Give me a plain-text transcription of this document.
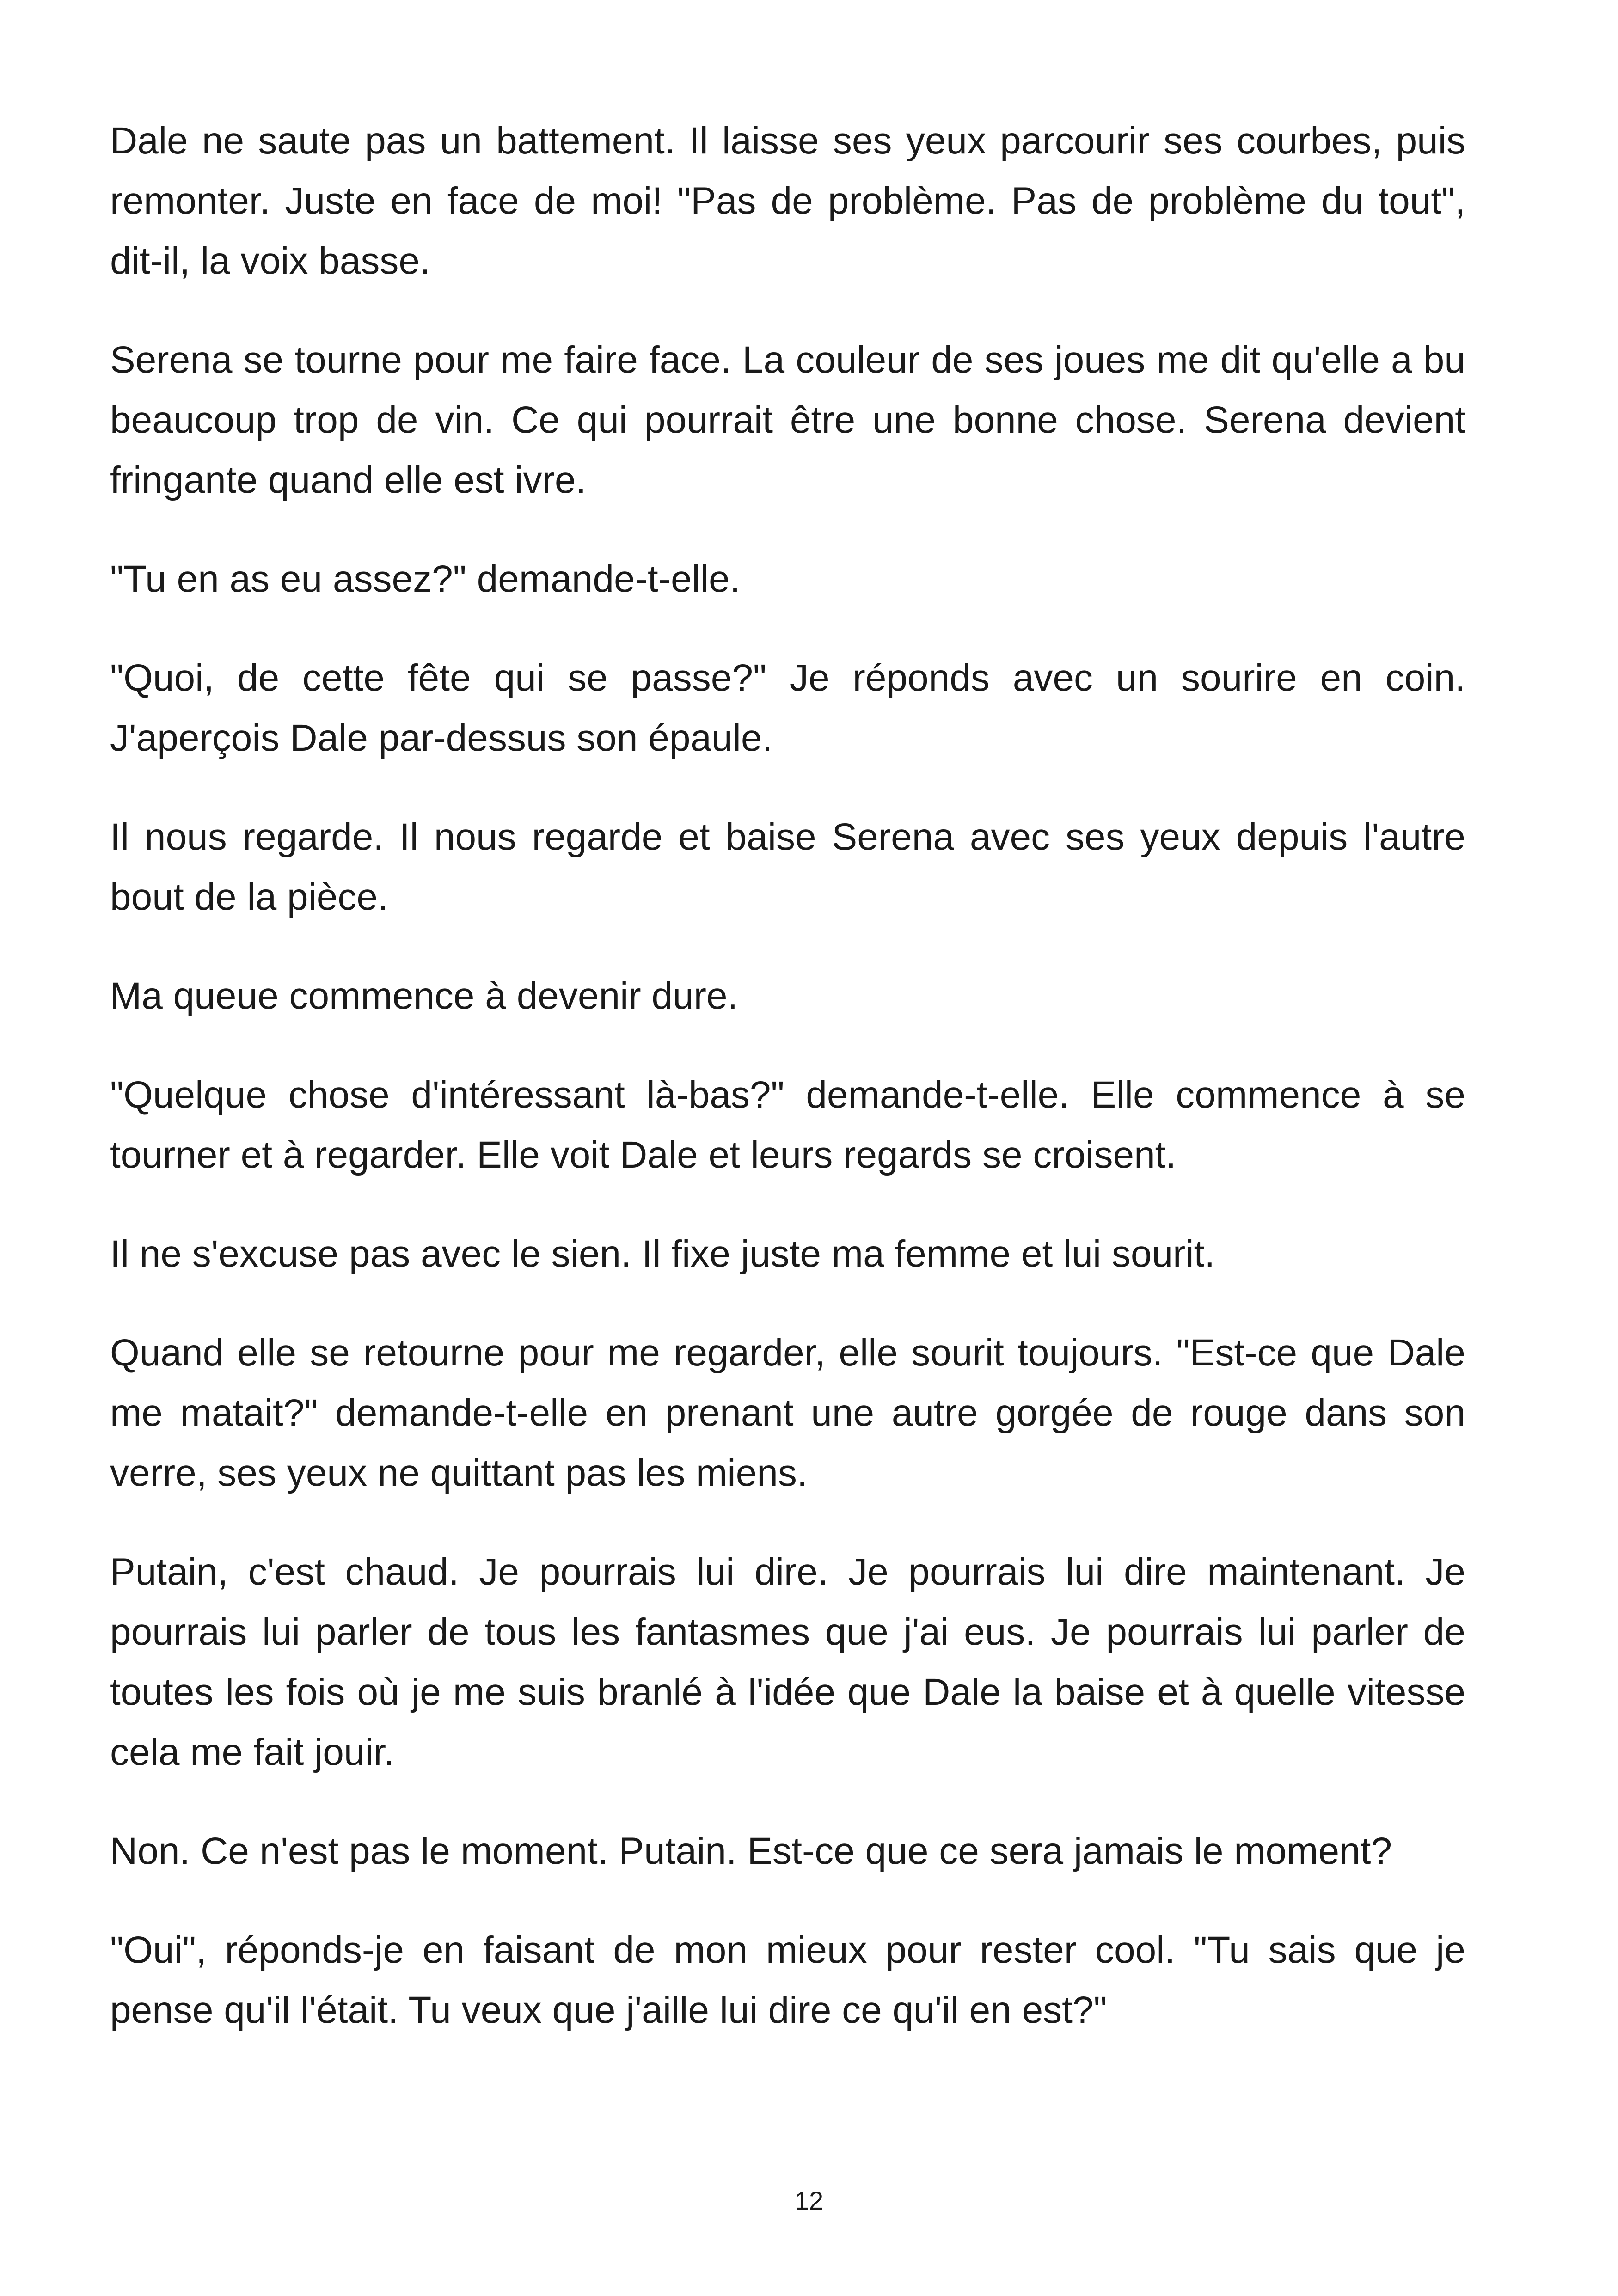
Dale ne saute pas un battement. Il laisse ses yeux parcourir ses courbes, puis remonter. Juste en face de moi! "Pas de problème. Pas de problème du tout", dit-il, la voix basse.

Serena se tourne pour me faire face. La couleur de ses joues me dit qu'elle a bu beaucoup trop de vin. Ce qui pourrait être une bonne chose. Serena devient fringante quand elle est ivre.

"Tu en as eu assez?" demande-t-elle.

"Quoi, de cette fête qui se passe?" Je réponds avec un sourire en coin. J'aperçois Dale par-dessus son épaule.

Il nous regarde. Il nous regarde et baise Serena avec ses yeux depuis l'autre bout de la pièce.

Ma queue commence à devenir dure.

"Quelque chose d'intéressant là-bas?" demande-t-elle. Elle commence à se tourner et à regarder. Elle voit Dale et leurs regards se croisent.

Il ne s'excuse pas avec le sien. Il fixe juste ma femme et lui sourit.

Quand elle se retourne pour me regarder, elle sourit toujours. "Est-ce que Dale me matait?" demande-t-elle en prenant une autre gorgée de rouge dans son verre, ses yeux ne quittant pas les miens.

Putain, c'est chaud. Je pourrais lui dire. Je pourrais lui dire maintenant. Je pourrais lui parler de tous les fantasmes que j'ai eus. Je pourrais lui parler de toutes les fois où je me suis branlé à l'idée que Dale la baise et à quelle vitesse cela me fait jouir.

Non. Ce n'est pas le moment. Putain. Est-ce que ce sera jamais le moment?

"Oui", réponds-je en faisant de mon mieux pour rester cool. "Tu sais que je pense qu'il l'était. Tu veux que j'aille lui dire ce qu'il en est?"

12
